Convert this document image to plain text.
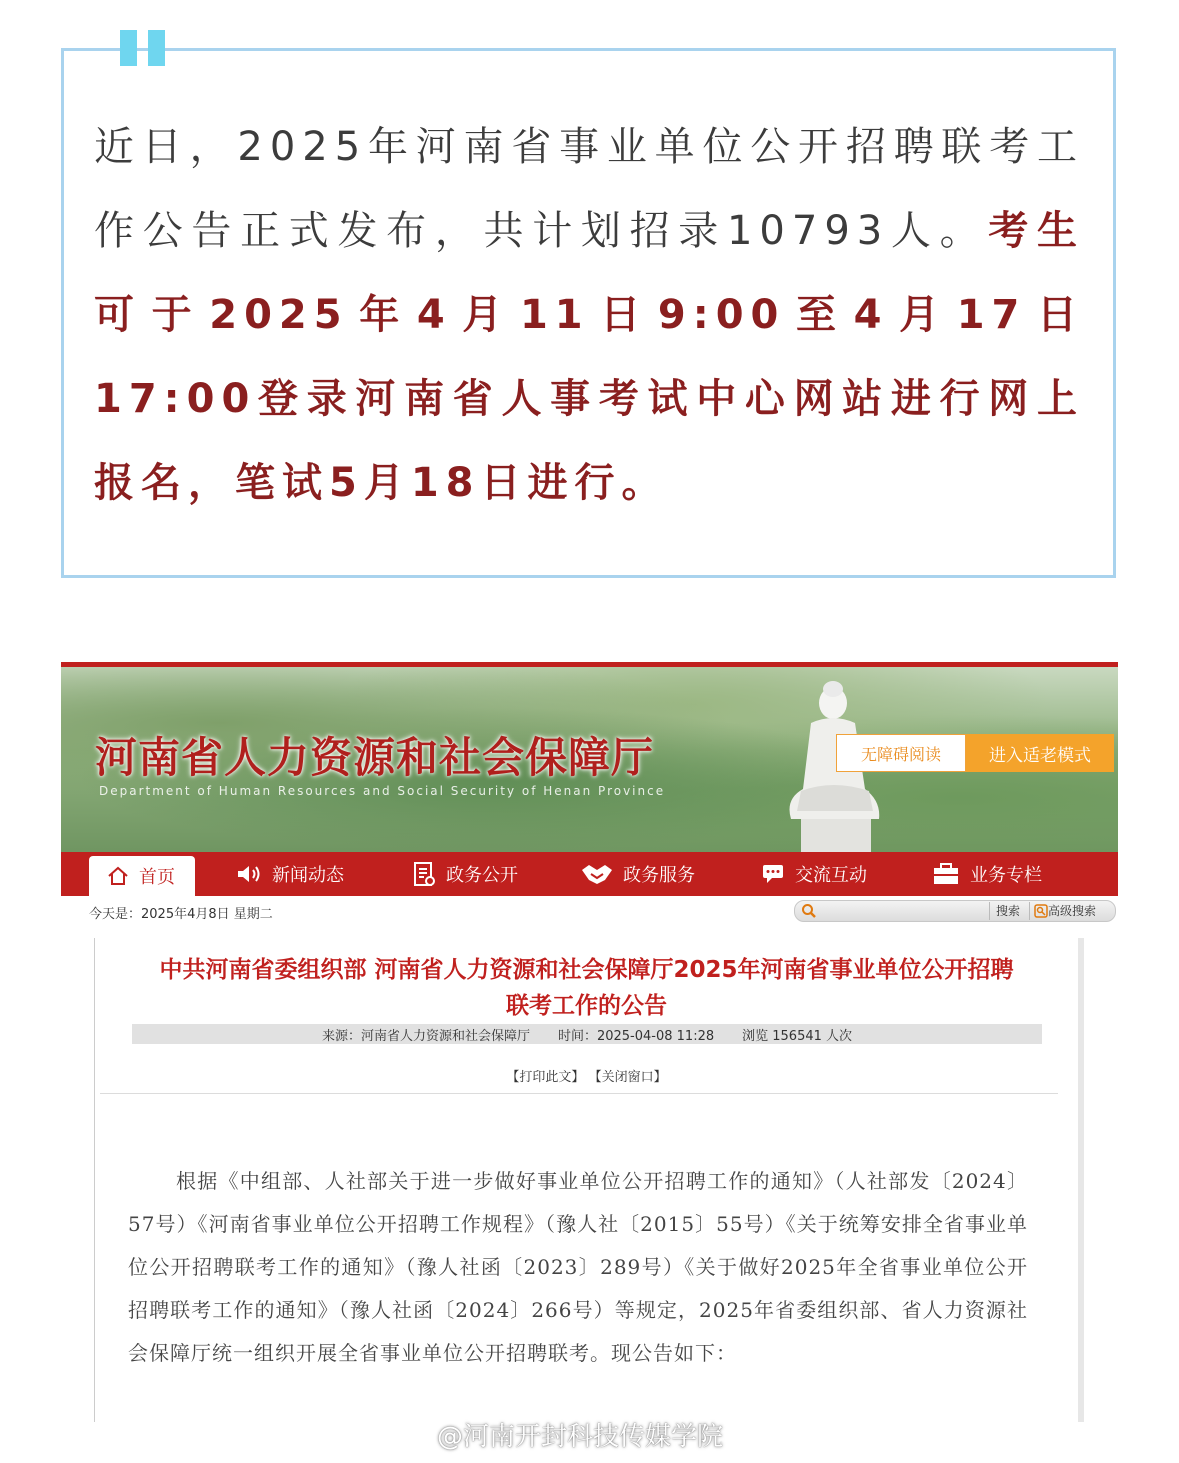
近日，2025年河南省事业单位公开招聘联考工作公告正式发布，共计划招录10793人。考生可于2025年4月11日9:00至4月17日17:00登录河南省人事考试中心网站进行网上报名，笔试5月18日进行。

河南省人力资源和社会保障厅
Department of Human Resources and Social Security of Henan Province
无障碍阅读	进入适老模式
首页	新闻动态	政务公开	政务服务	交流互动	业务专栏
今天是：2025年4月8日 星期二	搜索 高级搜索
中共河南省委组织部 河南省人力资源和社会保障厅2025年河南省事业单位公开招聘
联考工作的公告
来源：河南省人力资源和社会保障厅 时间：2025-04-08 11:28 浏览 156541 人次
【打印此文】 【关闭窗口】

根据《中组部、人社部关于进一步做好事业单位公开招聘工作的通知》（人社部发〔2024〕57号）《河南省事业单位公开招聘工作规程》（豫人社〔2015〕55号）《关于统筹安排全省事业单位公开招聘联考工作的通知》（豫人社函〔2023〕289号）《关于做好2025年全省事业单位公开招聘联考工作的通知》（豫人社函〔2024〕266号）等规定，2025年省委组织部、省人力资源社会保障厅统一组织开展全省事业单位公开招聘联考。现公告如下：

@河南开封科技传媒学院
